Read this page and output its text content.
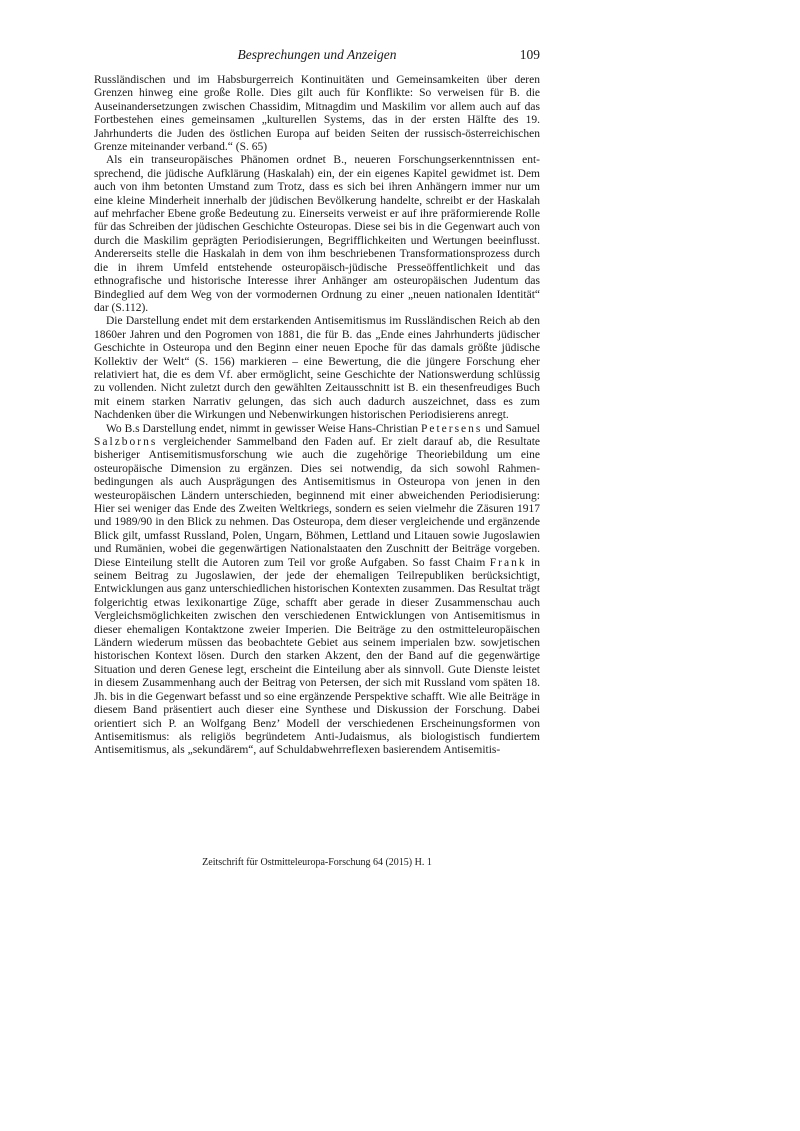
Besprechungen und Anzeigen	109

Russländischen und im Habsburgerreich Kontinuitäten und Gemeinsamkeiten über deren Grenzen hinweg eine große Rolle. Dies gilt auch für Konflikte: So verweisen für B. die Auseinandersetzungen zwischen Chassidim, Mitnagdim und Maskilim vor allem auch auf das Fortbestehen eines gemeinsamen „kulturellen Systems, das in der ersten Hälfte des 19. Jahrhunderts die Juden des östlichen Europa auf beiden Seiten der russisch-österreichischen Grenze miteinander verband.“ (S. 65)

Als ein transeuropäisches Phänomen ordnet B., neueren Forschungserkenntnissen entsprechend, die jüdische Aufklärung (Haskalah) ein, der ein eigenes Kapitel gewidmet ist. Dem auch von ihm betonten Umstand zum Trotz, dass es sich bei ihren Anhängern immer nur um eine kleine Minderheit innerhalb der jüdischen Bevölkerung handelte, schreibt er der Haskalah auf mehrfacher Ebene große Bedeutung zu. Einerseits verweist er auf ihre präformierende Rolle für das Schreiben der jüdischen Geschichte Osteuropas. Diese sei bis in die Gegenwart auch von durch die Maskilim geprägten Periodisierungen, Begrifflichkeiten und Wertungen beeinflusst. Andererseits stelle die Haskalah in dem von ihm beschriebenen Transformationsprozess durch die in ihrem Umfeld entstehende osteuropäisch-jüdische Presseöffentlichkeit und das ethnografische und historische Interesse ihrer Anhänger am osteuropäischen Judentum das Bindeglied auf dem Weg von der vormodernen Ordnung zu einer „neuen nationalen Identität“ dar (S.112).

Die Darstellung endet mit dem erstarkenden Antisemitismus im Russländischen Reich ab den 1860er Jahren und den Pogromen von 1881, die für B. das „Ende eines Jahrhunderts jüdischer Geschichte in Osteuropa und den Beginn einer neuen Epoche für das damals größte jüdische Kollektiv der Welt“ (S. 156) markieren – eine Bewertung, die die jüngere Forschung eher relativiert hat, die es dem Vf. aber ermöglicht, seine Geschichte der Nationswerdung schlüssig zu vollenden. Nicht zuletzt durch den gewählten Zeitausschnitt ist B. ein thesenfreudiges Buch mit einem starken Narrativ gelungen, das sich auch dadurch auszeichnet, dass es zum Nachdenken über die Wirkungen und Nebenwirkungen historischen Periodisierens anregt.

Wo B.s Darstellung endet, nimmt in gewisser Weise Hans-Christian Petersens und Samuel Salzborns vergleichender Sammelband den Faden auf. Er zielt darauf ab, die Resultate bisheriger Antisemitismusforschung wie auch die zugehörige Theoriebildung um eine osteuropäische Dimension zu ergänzen. Dies sei notwendig, da sich sowohl Rahmenbedingungen als auch Ausprägungen des Antisemitismus in Osteuropa von jenen in den westeuropäischen Ländern unterschieden, beginnend mit einer abweichenden Periodisierung: Hier sei weniger das Ende des Zweiten Weltkriegs, sondern es seien vielmehr die Zäsuren 1917 und 1989/90 in den Blick zu nehmen. Das Osteuropa, dem dieser vergleichende und ergänzende Blick gilt, umfasst Russland, Polen, Ungarn, Böhmen, Lettland und Litauen sowie Jugoslawien und Rumänien, wobei die gegenwärtigen Nationalstaaten den Zuschnitt der Beiträge vorgeben. Diese Einteilung stellt die Autoren zum Teil vor große Aufgaben. So fasst Chaim Frank in seinem Beitrag zu Jugoslawien, der jede der ehemaligen Teilrepubliken berücksichtigt, Entwicklungen aus ganz unterschiedlichen historischen Kontexten zusammen. Das Resultat trägt folgerichtig etwas lexikonartige Züge, schafft aber gerade in dieser Zusammenschau auch Vergleichsmöglichkeiten zwischen den verschiedenen Entwicklungen von Antisemitismus in dieser ehemaligen Kontaktzone zweier Imperien. Die Beiträge zu den ostmitteleuropäischen Ländern wiederum müssen das beobachtete Gebiet aus seinem imperialen bzw. sowjetischen historischen Kontext lösen. Durch den starken Akzent, den der Band auf die gegenwärtige Situation und deren Genese legt, erscheint die Einteilung aber als sinnvoll. Gute Dienste leistet in diesem Zusammenhang auch der Beitrag von Petersen, der sich mit Russland vom späten 18. Jh. bis in die Gegenwart befasst und so eine ergänzende Perspektive schafft. Wie alle Beiträge in diesem Band präsentiert auch dieser eine Synthese und Diskussion der Forschung. Dabei orientiert sich P. an Wolfgang Benz’ Modell der verschiedenen Erscheinungsformen von Antisemitismus: als religiös begründetem Anti-Judaismus, als biologistisch fundiertem Antisemitismus, als „sekundärem“, auf Schuldabwehrreflexen basierendem Antisemitis-

Zeitschrift für Ostmitteleuropa-Forschung 64 (2015) H. 1
